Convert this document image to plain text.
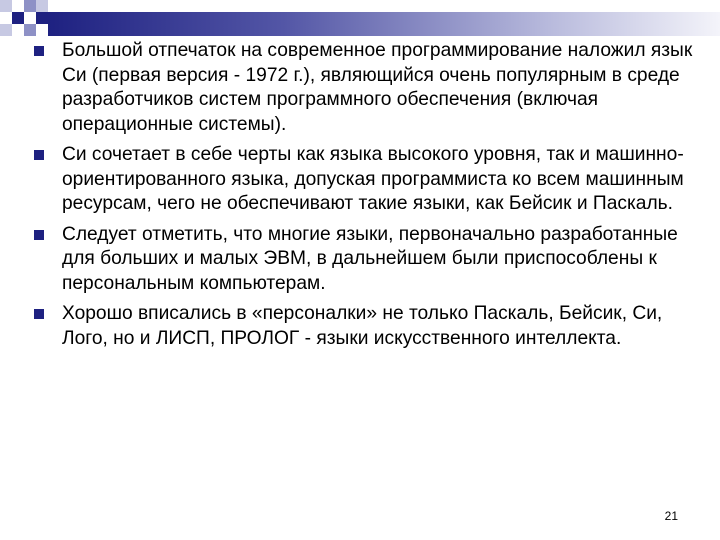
Большой отпечаток на современное программирование наложил язык Си (первая версия - 1972 г.), являющийся очень популярным в среде разработчиков систем программного обеспечения (включая операционные системы).
Си сочетает в себе черты как языка высокого уровня, так и машинно-ориентированного языка, допуская программиста ко всем машинным ресурсам, чего не обеспечивают такие языки, как Бейсик и Паскаль.
Следует отметить, что многие языки, первоначально разработанные для больших и малых ЭВМ, в дальнейшем были приспособлены к персональным компьютерам.
Хорошо вписались в «персоналки» не только Паскаль, Бейсик, Си, Лого, но и ЛИСП, ПРОЛОГ - языки искусственного интеллекта.
21
